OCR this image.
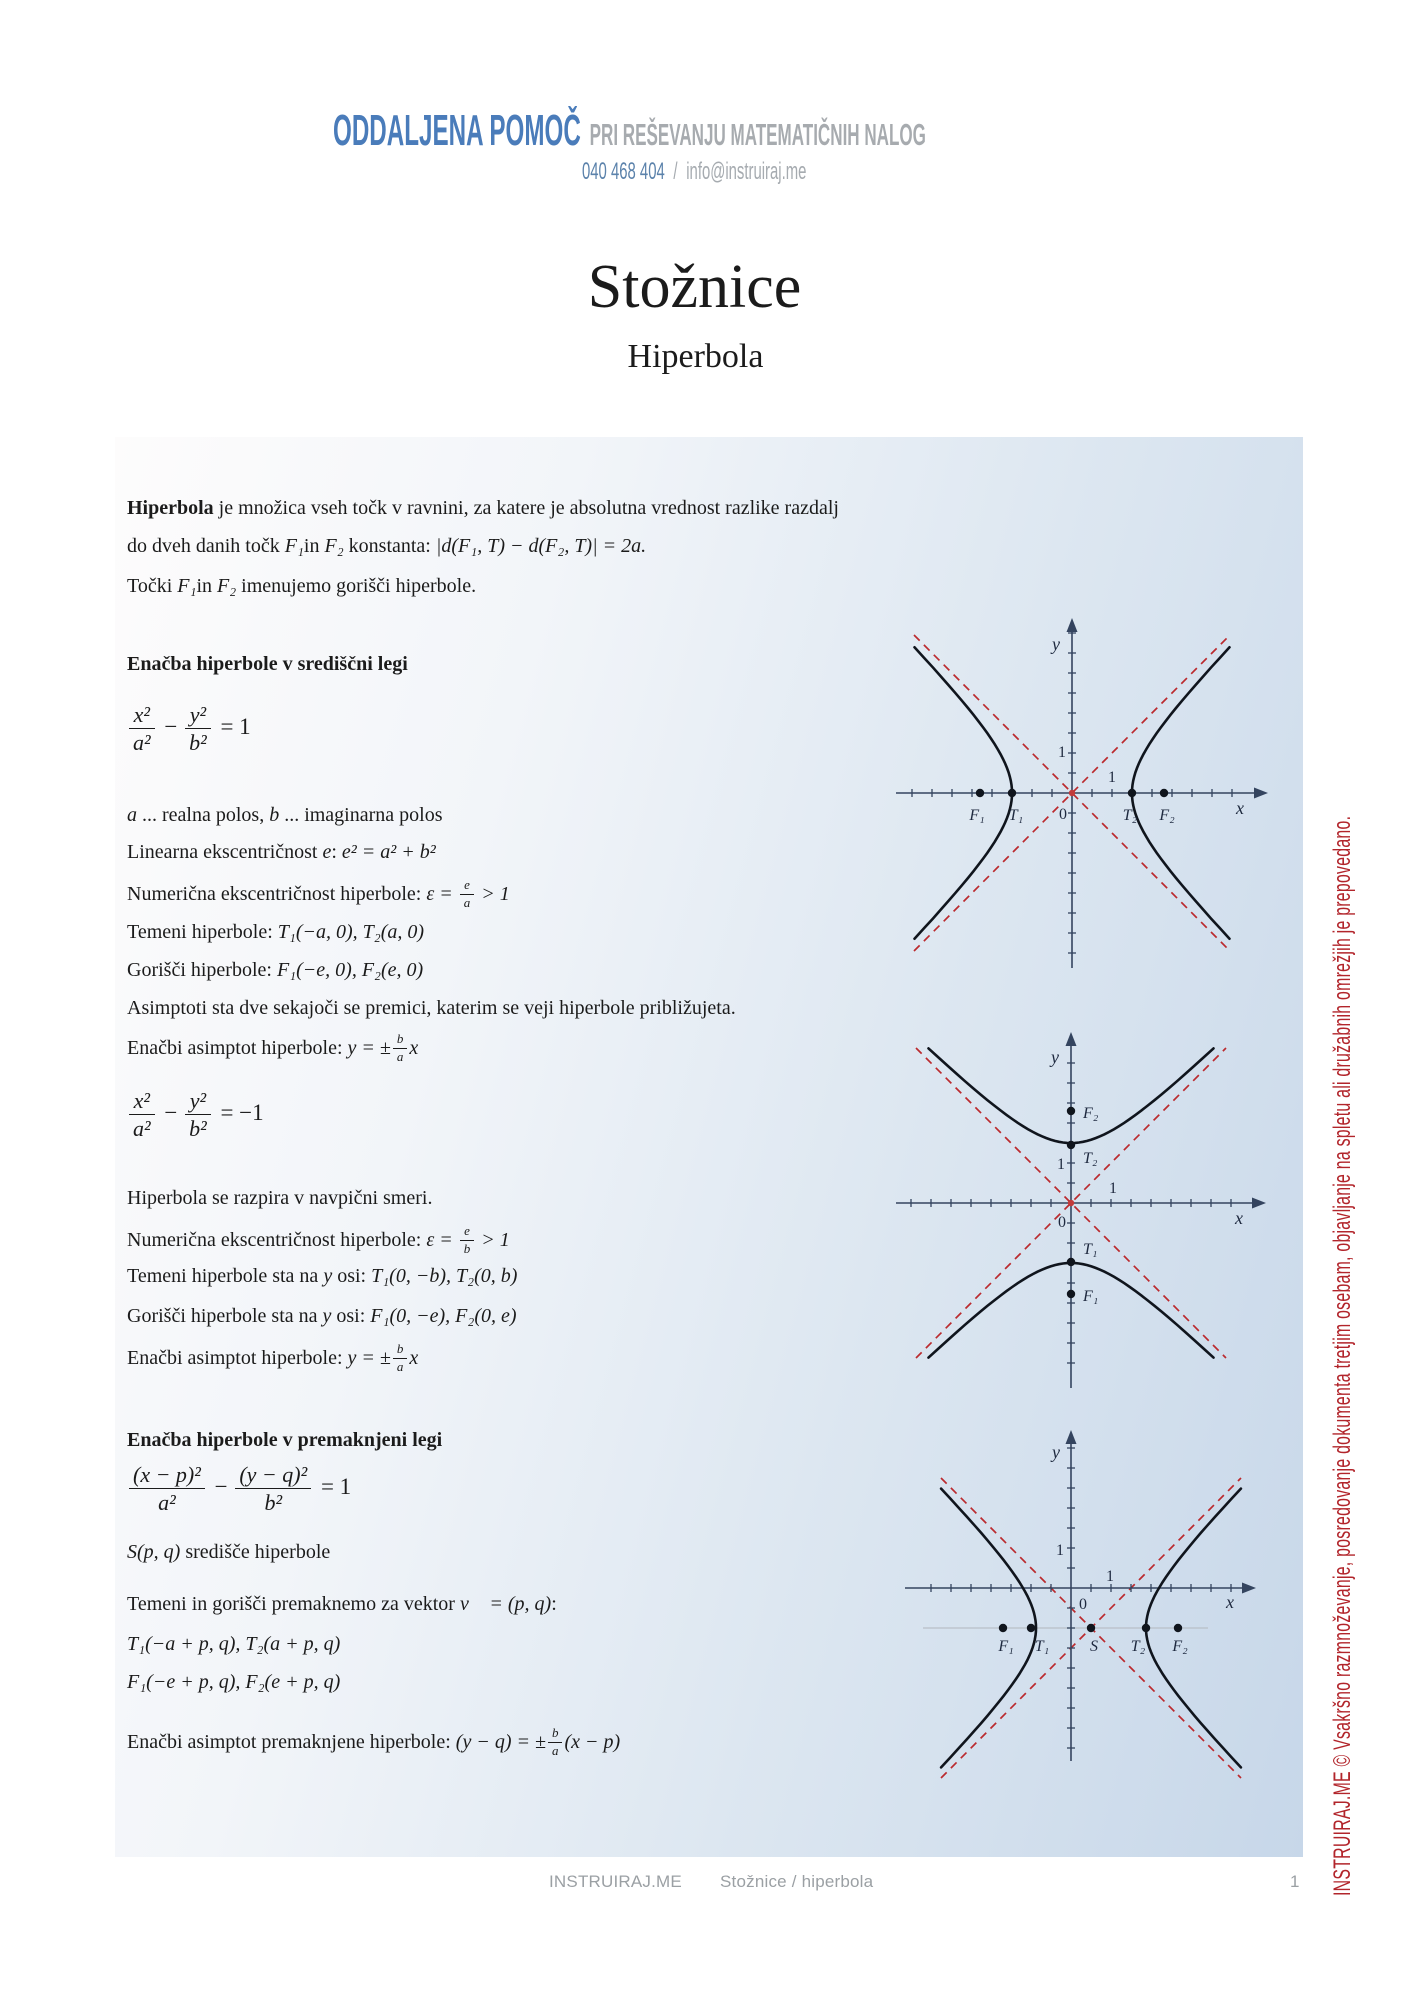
ODDALJENA POMOČ PRI REŠEVANJU MATEMATIČNIH NALOG
040 468 404 / info@instruiraj.me
Stožnice
Hiperbola
Hiperbola je množica vseh točk v ravnini, za katere je absolutna vrednost razlike razdalj
do dveh danih točk F₁in F₂ konstanta: |d(F₁, T) − d(F₂, T)| = 2a.
Točki F₁in F₂ imenujemo gorišči hiperbole.
Enačba hiperbole v središčni legi
$\frac{\text{x²}}{\text{a²}} - \frac{\text{y²}}{\text{b²}} = 1$
a ... realna polos, b ... imaginarna polos
Linearna ekscentričnost e: e² = a² + b²
Numerična ekscentričnost hiperbole: $\varepsilon = \frac{e}{a} > 1$
Temeni hiperbole: T₁(−a, 0), T₂(a, 0)
Gorišči hiperbole: F₁(−e, 0), F₂(e, 0)
Asimptoti sta dve sekajoči se premici, katerim se veji hiperbole približujeta.
Enačbi asimptot hiperbole: y = ± $\frac{b}{a}$ x
$\frac{\text{x²}}{\text{a²}} - \frac{\text{y²}}{\text{b²}} = -1$
Hiperbola se razpira v navpični smeri.
Numerična ekscentričnost hiperbole: $\varepsilon = \frac{e}{b} > 1$
Temeni hiperbole sta na y osi: T₁(0, −b), T₂(0, b)
Gorišči hiperbole sta na y osi: F₁(0, −e), F₂(0, e)
Enačbi asimptot hiperbole: y = ± $\frac{b}{a}$ x
Enačba hiperbole v premaknjeni legi
$\frac{\text{(x − p)²}}{\text{a²}} - \frac{\text{(y − q)²}}{\text{b²}} = 1$
S(p, q) središče hiperbole
Temeni in gorišči premaknemo za vektor v⃗ = (p, q):
T₁(−a + p, q), T₂(a + p, q)
F₁(−e + p, q), F₂(e + p, q)
Enačbi asimptot premaknjene hiperbole: (y − q) = ± $\frac{b}{a} (x - p)$
F₁ T₁	T₂ F₂	x
y
0
1
1
F₂
T₂
T₁
F₁
x
y
0
1
1
F₁ T₁	S T₂ F₂
x
y
0
1
1	INSTRUIRAJ.ME © Vsakršno razmnoževanje, posredovanje dokumenta tretjim osebam, objavljanje na spletu ali družabnih omrežjih je prepovedano.
INSTRUIRAJ.ME Stožnice / hiperbola	1
